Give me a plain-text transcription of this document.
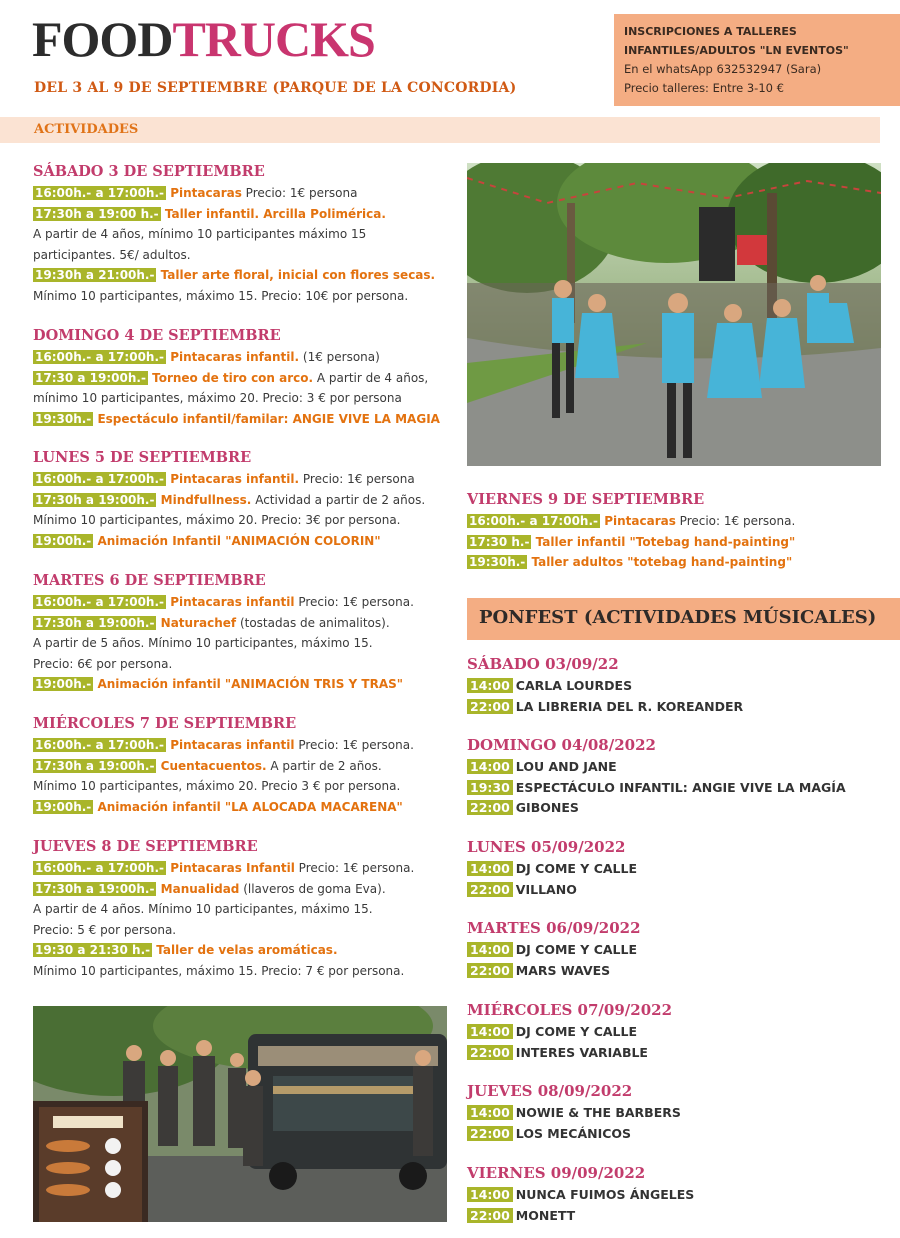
FOODTRUCKS
DEL 3 AL 9 DE SEPTIEMBRE (PARQUE DE LA CONCORDIA)
INSCRIPCIONES A TALLERES
INFANTILES/ADULTOS "LN EVENTOS"
En el whatsApp 632532947 (Sara)
Precio talleres: Entre 3-10 €
ACTIVIDADES
SÁBADO 3 DE SEPTIEMBRE
16:00h.- a 17:00h.- Pintacaras Precio: 1€ persona
17:30h a 19:00 h.- Taller infantil. Arcilla Polimérica.
A partir de 4 años, mínimo 10 participantes máximo 15
participantes. 5€/ adultos.
19:30h a 21:00h.- Taller arte floral, inicial con flores secas.
Mínimo 10 participantes, máximo 15. Precio: 10€ por persona.
DOMINGO 4 DE SEPTIEMBRE
16:00h.- a 17:00h.- Pintacaras infantil. (1€ persona)
17:30 a 19:00h.- Torneo de tiro con arco. A partir de 4 años,
mínimo 10 participantes, máximo 20. Precio: 3 € por persona
19:30h.- Espectáculo infantil/familar: ANGIE VIVE LA MAGIA
LUNES 5 DE SEPTIEMBRE
16:00h.- a 17:00h.- Pintacaras infantil. Precio: 1€ persona
17:30h a 19:00h.- Mindfullness. Actividad a partir de 2 años.
Mínimo 10 participantes, máximo 20. Precio: 3€ por persona.
19:00h.- Animación Infantil "ANIMACIÓN COLORIN"
MARTES 6 DE SEPTIEMBRE
16:00h.- a 17:00h.- Pintacaras infantil Precio: 1€ persona.
17:30h a 19:00h.- Naturachef (tostadas de animalitos).
A partir de 5 años. Mínimo 10 participantes, máximo 15.
Precio: 6€ por persona.
19:00h.- Animación infantil "ANIMACIÓN TRIS Y TRAS"
MIÉRCOLES 7 DE SEPTIEMBRE
16:00h.- a 17:00h.- Pintacaras infantil Precio: 1€ persona.
17:30h a 19:00h.- Cuentacuentos. A partir de 2 años.
Mínimo 10 participantes, máximo 20. Precio 3 € por persona.
19:00h.- Animación infantil "LA ALOCADA MACARENA"
JUEVES 8 DE SEPTIEMBRE
16:00h.- a 17:00h.- Pintacaras Infantil Precio: 1€ persona.
17:30h a 19:00h.- Manualidad (llaveros de goma Eva).
A partir de 4 años. Mínimo 10 participantes, máximo 15.
Precio: 5 € por persona.
19:30 a 21:30 h.- Taller de velas aromáticas.
Mínimo 10 participantes, máximo 15. Precio: 7 € por persona.
VIERNES 9 DE SEPTIEMBRE
16:00h.- a 17:00h.- Pintacaras Precio: 1€ persona.
17:30 h.- Taller infantil "Totebag hand-painting"
19:30h.- Taller adultos "totebag hand-painting"
PONFEST (ACTIVIDADES MÚSICALES)
SÁBADO 03/09/22
14:00 CARLA LOURDES
22:00 LA LIBRERIA DEL R. KOREANDER
DOMINGO 04/08/2022
14:00 LOU AND JANE
19:30 ESPECTÁCULO INFANTIL: ANGIE VIVE LA MAGÍA
22:00 GIBONES
LUNES 05/09/2022
14:00 DJ COME Y CALLE
22:00 VILLANO
MARTES 06/09/2022
14:00 DJ COME Y CALLE
22:00 MARS WAVES
MIÉRCOLES 07/09/2022
14:00 DJ COME Y CALLE
22:00 INTERES VARIABLE
JUEVES 08/09/2022
14:00 NOWIE & THE BARBERS
22:00 LOS MECÁNICOS
VIERNES 09/09/2022
14:00 NUNCA FUIMOS ÁNGELES
22:00 MONETT
